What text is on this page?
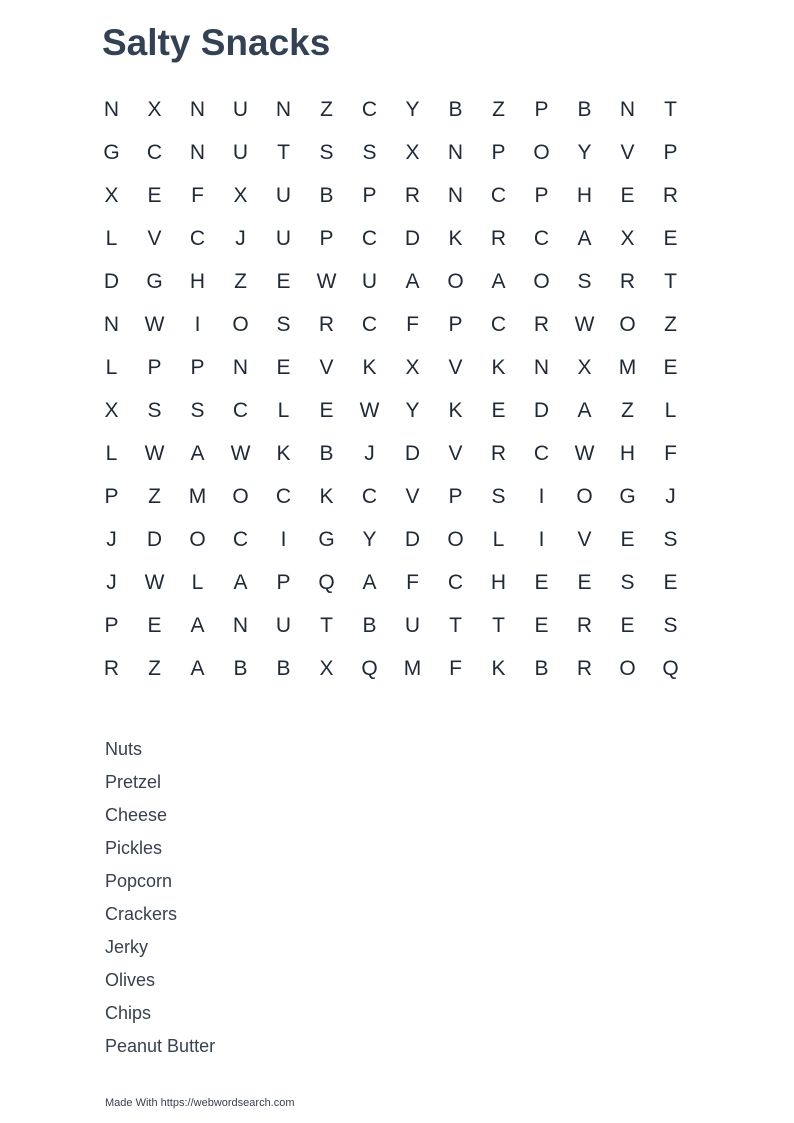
Salty Snacks
N	X	N	U	N	Z	C	Y	B	Z	P	B	N	T
G	C	N	U	T	S	S	X	N	P	O	Y	V	P
X	E	F	X	U	B	P	R	N	C	P	H	E	R
L	V	C	J	U	P	C	D	K	R	C	A	X	E
D	G	H	Z	E	W	U	A	O	A	O	S	R	T
N	W	I	O	S	R	C	F	P	C	R	W	O	Z
L	P	P	N	E	V	K	X	V	K	N	X	M	E
X	S	S	C	L	E	W	Y	K	E	D	A	Z	L
L	W	A	W	K	B	J	D	V	R	C	W	H	F
P	Z	M	O	C	K	C	V	P	S	I	O	G	J
J	D	O	C	I	G	Y	D	O	L	I	V	E	S
J	W	L	A	P	Q	A	F	C	H	E	E	S	E
P	E	A	N	U	T	B	U	T	T	E	R	E	S
R	Z	A	B	B	X	Q	M	F	K	B	R	O	Q
Nuts
Pretzel
Cheese
Pickles
Popcorn
Crackers
Jerky
Olives
Chips
Peanut Butter
Made With https://webwordsearch.com
